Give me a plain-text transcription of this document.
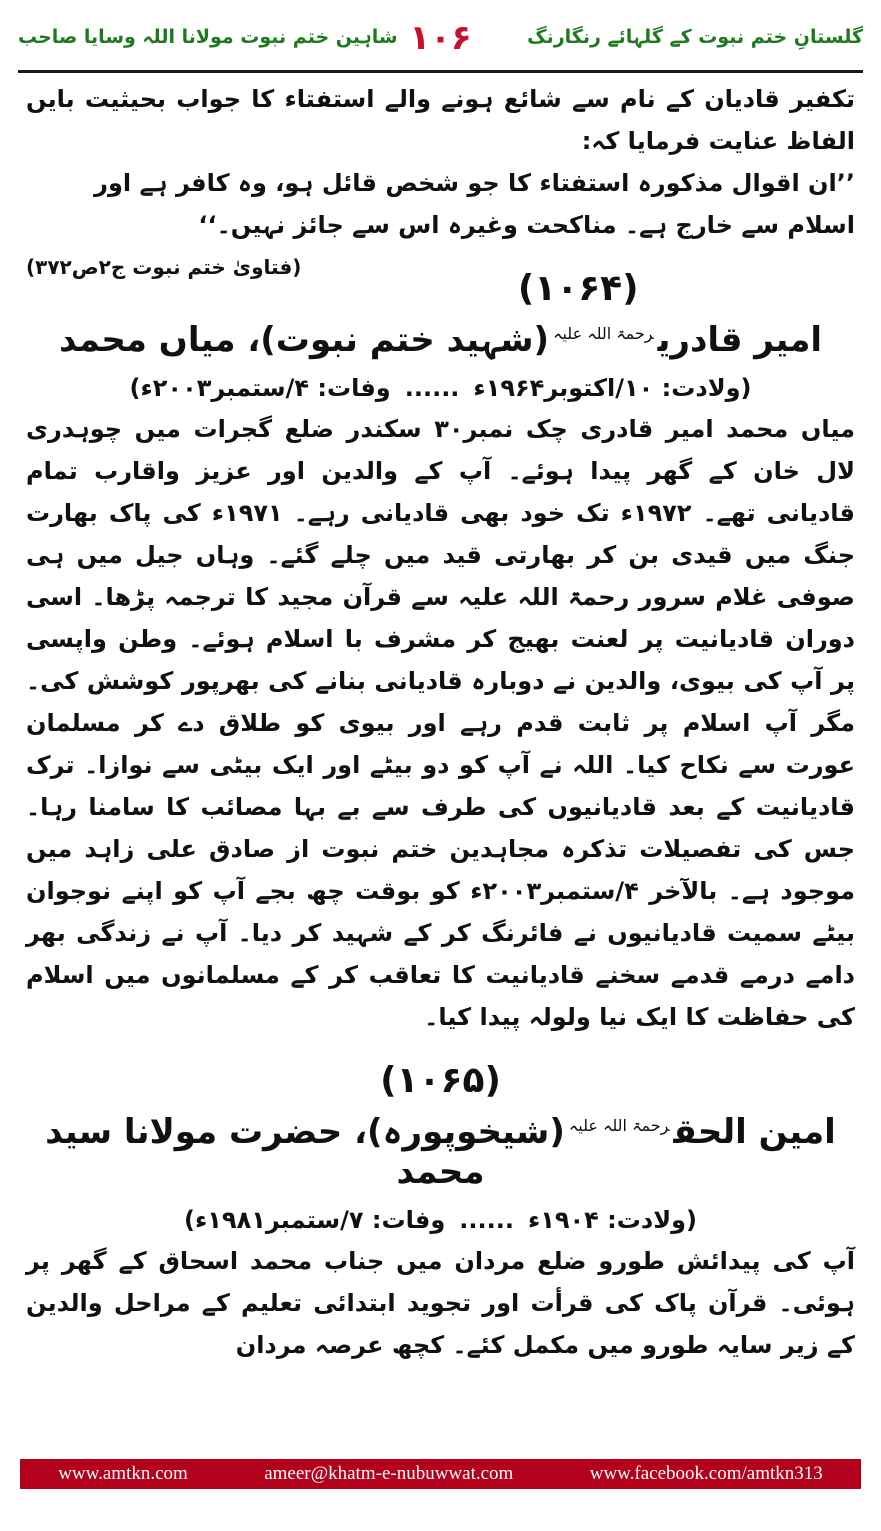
گلستانِ ختم نبوت کے گلہائے رنگارنگ
۱۰۶
شاہین ختم نبوت مولانا اللہ وسایا صاحب

تکفیر قادیان کے نام سے شائع ہونے والے استفتاء کا جواب بحیثیت بایں الفاظ عنایت فرمایا کہ:

’’ان اقوال مذکورہ استفتاء کا جو شخص قائل ہو، وہ کافر ہے اور اسلام سے خارج ہے۔ مناکحت وغیرہ اس سے جائز نہیں۔‘‘
(فتاویٰ ختم نبوت ج۲ص۳۷۲)

(۱۰۶۴)
امیر قادری$^{رحمۃ اللہ علیہ}$(شہید ختم نبوت)، میاں محمد
(ولادت: ۱۰/اکتوبر۱۹۶۴ء......وفات: ۴/ستمبر۲۰۰۳ء)

میاں محمد امیر قادری چک نمبر۳۰ سکندر ضلع گجرات میں چوہدری لال خان کے گھر پیدا ہوئے۔ آپ کے والدین اور عزیز واقارب تمام قادیانی تھے۔ ۱۹۷۲ء تک خود بھی قادیانی رہے۔ ۱۹۷۱ء کی پاک بھارت جنگ میں قیدی بن کر بھارتی قید میں چلے گئے۔ وہاں جیل میں ہی صوفی غلام سرور رحمۃ اللہ علیہ سے قرآن مجید کا ترجمہ پڑھا۔ اسی دوران قادیانیت پر لعنت بھیج کر مشرف با اسلام ہوئے۔ وطن واپسی پر آپ کی بیوی، والدین نے دوبارہ قادیانی بنانے کی بھرپور کوشش کی۔ مگر آپ اسلام پر ثابت قدم رہے اور بیوی کو طلاق دے کر مسلمان عورت سے نکاح کیا۔ اللہ نے آپ کو دو بیٹے اور ایک بیٹی سے نوازا۔ ترک قادیانیت کے بعد قادیانیوں کی طرف سے بے بہا مصائب کا سامنا رہا۔ جس کی تفصیلات تذکرہ مجاہدین ختم نبوت از صادق علی زاہد میں موجود ہے۔ بالآخر ۴/ستمبر۲۰۰۳ء کو بوقت چھ بجے آپ کو اپنے نوجوان بیٹے سمیت قادیانیوں نے فائرنگ کر کے شہید کر دیا۔ آپ نے زندگی بھر دامے درمے قدمے سخنے قادیانیت کا تعاقب کر کے مسلمانوں میں اسلام کی حفاظت کا ایک نیا ولولہ پیدا کیا۔

(۱۰۶۵)
امین الحق$^{رحمۃ اللہ علیہ}$(شیخوپورہ)، حضرت مولانا سید محمد
(ولادت: ۱۹۰۴ء......وفات: ۷/ستمبر۱۹۸۱ء)

آپ کی پیدائش طورو ضلع مردان میں جناب محمد اسحاق کے گھر پر ہوئی۔ قرآن پاک کی قرأت اور تجوید ابتدائی تعلیم کے مراحل والدین کے زیر سایہ طورو میں مکمل کئے۔ کچھ عرصہ مردان

www.amtkn.com	ameer@khatm-e-nubuwwat.com	www.facebook.com/amtkn313
